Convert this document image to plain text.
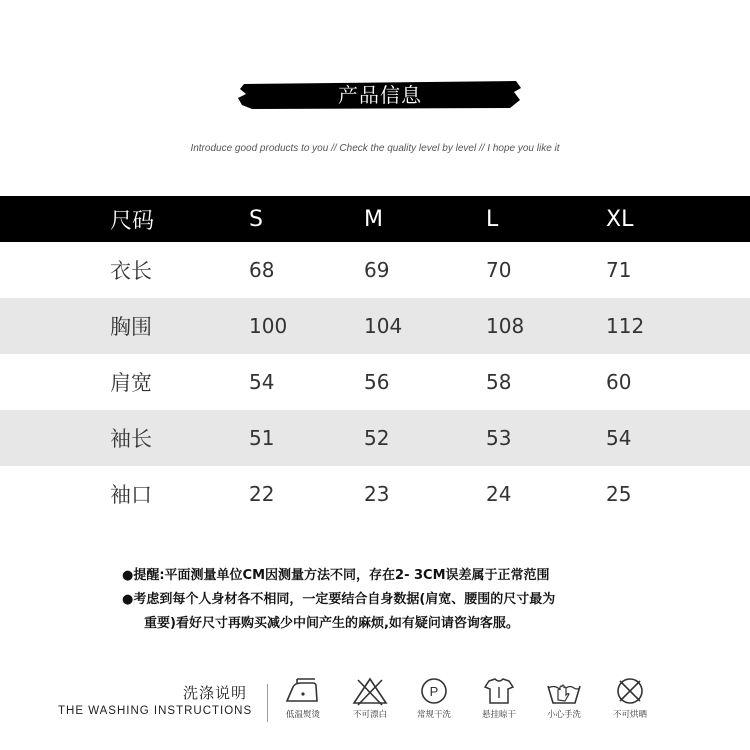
产品信息
Introduce good products to you // Check the quality level by level // I hope you like it
尺码	S	M	L	XL
衣长	68	69	70	71
胸围	100	104	108	112
肩宽	54	56	58	60
袖长	51	52	53	54
袖口	22	23	24	25
●提醒:平面测量单位CM因测量方法不同，存在2- 3CM误差属于正常范围
●考虑到每个人身材各不相同，一定要结合自身数据(肩宽、腰围的尺寸最为
重要)看好尺寸再购买减少中间产生的麻烦,如有疑问请咨询客服。
洗涤说明
THE WASHING INSTRUCTIONS	低温熨烫	不可漂白
P
常规干洗	悬挂晾干	小心手洗	不可烘晒
